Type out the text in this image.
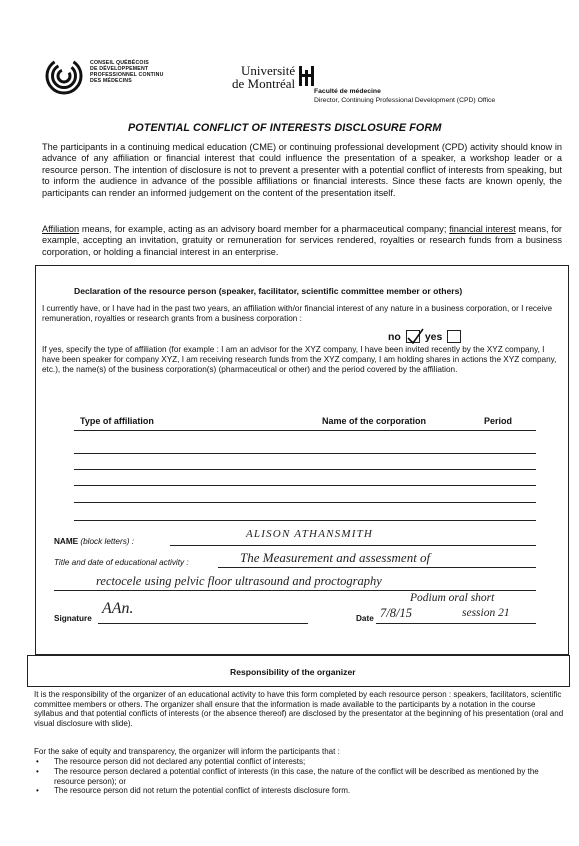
CONSEIL QUÉBÉCOIS
DE DÉVELOPPEMENT
PROFESSIONNEL CONTINU
DES MÉDECINS
Université
de Montréal
Faculté de médecine
Director, Continuing Professional Development (CPD) Office
POTENTIAL CONFLICT OF INTERESTS DISCLOSURE FORM

The participants in a continuing medical education (CME) or continuing professional development (CPD) activity should know in advance of any affiliation or financial interest that could influence the presentation of a speaker, a workshop leader or a resource person. The intention of disclosure is not to prevent a presenter with a potential conflict of interests from speaking, but to inform the audience in advance of the possible affiliations or financial interests. Since these facts are known openly, the participants can render an informed judgement on the content of the presentation itself.

Affiliation means, for example, acting as an advisory board member for a pharmaceutical company; financial interest means, for example, accepting an invitation, gratuity or remuneration for services rendered, royalties or research funds from a business corporation, or holding a financial interest in an enterprise.

Declaration of the resource person (speaker, facilitator, scientific committee member or others)

I currently have, or I have had in the past two years, an affiliation with/or financial interest of any nature in a business corporation, or I receive remuneration, royalties or research grants from a business corporation :

no yes

If yes, specify the type of affiliation (for example : I am an advisor for the XYZ company, I have been invited recently by the XYZ company, I have been speaker for company XYZ, I am receiving research funds from the XYZ company, I am holding shares in actions the XYZ company, etc.), the name(s) of the business corporation(s) (pharmaceutical or other) and the period covered by the affiliation.

Type of affiliation	Name of the corporation	Period
NAME (block letters) :
ALISON ATHANSMITH
Title and date of educational activity :	The Measurement and assessment of
rectocele using pelvic floor ultrasound and proctography
Podium oral short
session 21
Signature
AAn.
Date 7/8/15
Responsibility of the organizer

It is the responsibility of the organizer of an educational activity to have this form completed by each resource person : speakers, facilitators, scientific committee members or others. The organizer shall ensure that the information is made available to the participants by a notation in the course syllabus and that potential conflicts of interests (or the absence thereof) are disclosed by the presentator at the beginning of his presentation (oral and visual disclosure with slide).

For the sake of equity and transparency, the organizer will inform the participants that :

• The resource person did not declared any potential conflict of interests;

• The resource person declared a potential conflict of interests (in this case, the nature of the conflict will be described as mentioned by the resource person); or

• The resource person did not return the potential conflict of interests disclosure form.
